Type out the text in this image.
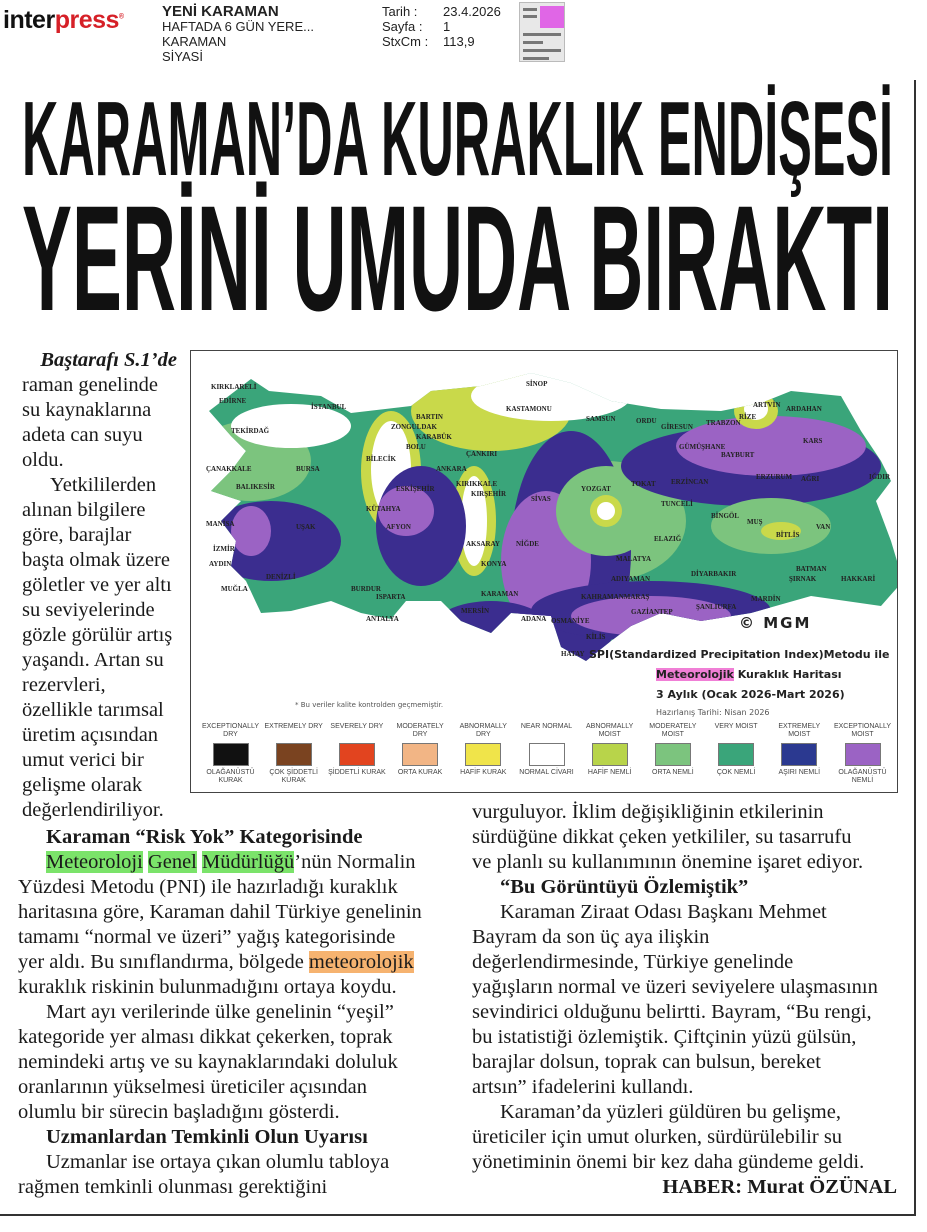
interpress®	YENİ KARAMAN
HAFTADA 6 GÜN YERE...
KARAMAN
SİYASİ
Tarih :	23.4.2026
Sayfa :	1
StxCm :	113,9
KARAMAN’DA KURAKLIK ENDİŞESİ
YERİNİ UMUDA BIRAKTI
Baştarafı S.1’de
raman genelinde
su kaynaklarına
adeta can suyu
oldu.
Yetkililerden
alınan bilgilere
göre, barajlar
başta olmak üzere
göletler ve yer altı
su seviyelerinde
gözle görülür artış
yaşandı. Artan su
rezervleri,
özellikle tarımsal
üretim açısından
umut verici bir
gelişme olarak
değerlendiriliyor.
Karaman “Risk Yok” Kategorisinde
Meteoroloji Genel Müdürlüğü’nün Normalin
Yüzdesi Metodu (PNI) ile hazırladığı kuraklık
haritasına göre, Karaman dahil Türkiye genelinin
tamamı “normal ve üzeri” yağış kategorisinde
yer aldı. Bu sınıflandırma, bölgede meteorolojik
kuraklık riskinin bulunmadığını ortaya koydu.
Mart ayı verilerinde ülke genelinin “yeşil”
kategoride yer alması dikkat çekerken, toprak
nemindeki artış ve su kaynaklarındaki doluluk
oranlarının yükselmesi üreticiler açısından
olumlu bir sürecin başladığını gösterdi.
Uzmanlardan Temkinli Olun Uyarısı
Uzmanlar ise ortaya çıkan olumlu tabloya
rağmen temkinli olunması gerektiğini
vurguluyor. İklim değişikliğinin etkilerinin
sürdüğüne dikkat çeken yetkililer, su tasarrufu
ve planlı su kullanımının önemine işaret ediyor.
“Bu Görüntüyü Özlemiştik”
Karaman Ziraat Odası Başkanı Mehmet
Bayram da son üç aya ilişkin
değerlendirmesinde, Türkiye genelinde
yağışların normal ve üzeri seviyelere ulaşmasının
sevindirici olduğunu belirtti. Bayram, “Bu rengi,
bu istatistiği özlemiştik. Çiftçinin yüzü gülsün,
barajlar dolsun, toprak can bulsun, bereket
artsın” ifadelerini kullandı.
Karaman’da yüzleri güldüren bu gelişme,
üreticiler için umut olurken, sürdürülebilir su
yönetiminin önemi bir kez daha gündeme geldi.
HABER: Murat ÖZÜNAL
KIRKLARELİ
EDİRNE
TEKİRDAĞ
İSTANBUL
ÇANAKKALE
BALIKESİR
BURSA
BİLECİK
ESKİŞEHİR
KÜTAHYA
MANİSA
İZMİR
UŞAK	AFYON
AYDIN
DENİZLİ
MUĞLA	BURDUR
ISPARTA
ANTALYA
KONYA
KARAMAN
MERSİN
ADANA
AKSARAY
KIRŞEHİR
NİĞDE
ANKARA
KIRIKKALE
ÇANKIRI
BOLU
ZONGULDAK
BARTIN
KARABÜK
KASTAMONU
SİNOP
SAMSUN	ORDU
GİRESUN TRABZON
RİZE
ARTVİN ARDAHAN
KARS
IĞDIR
AĞRI
ERZURUM
GÜMÜŞHANE
BAYBURT
ERZİNCAN
TOKAT
YOZGAT
SİVAS
MALATYA
TUNCELİ
BİNGÖL
ELAZIĞ
MUŞ
BİTLİS
VAN
HAKKARİ
ŞIRNAK
MARDİN
DİYARBAKIR
BATMAN
ADIYAMAN
KAHRAMANMARAŞ
GAZİANTEP
ŞANLIURFA
OSMANİYE
KİLİS
HATAY
© MGM
SPI(Standardized Precipitation Index)Metodu ile
Meteorolojik Kuraklık Haritası
3 Aylık (Ocak 2026-Mart 2026)
Hazırlanış Tarihi: Nisan 2026
* Bu veriler kalite kontrolden geçmemiştir.
EXCEPTIONALLY DRY
OLAĞANÜSTÜ KURAK
EXTREMELY DRY
ÇOK ŞİDDETLİ KURAK
SEVERELY DRY
ŞİDDETLİ KURAK
MODERATELY DRY
ORTA KURAK
ABNORMALLY DRY
HAFİF KURAK
NEAR NORMAL
NORMAL CİVARI
ABNORMALLY MOIST
HAFİF NEMLİ
MODERATELY MOIST
ORTA NEMLİ
VERY MOIST
ÇOK NEMLİ
EXTREMELY MOIST
AŞIRI NEMLİ
EXCEPTIONALLY MOIST
OLAĞANÜSTÜ NEMLİ
